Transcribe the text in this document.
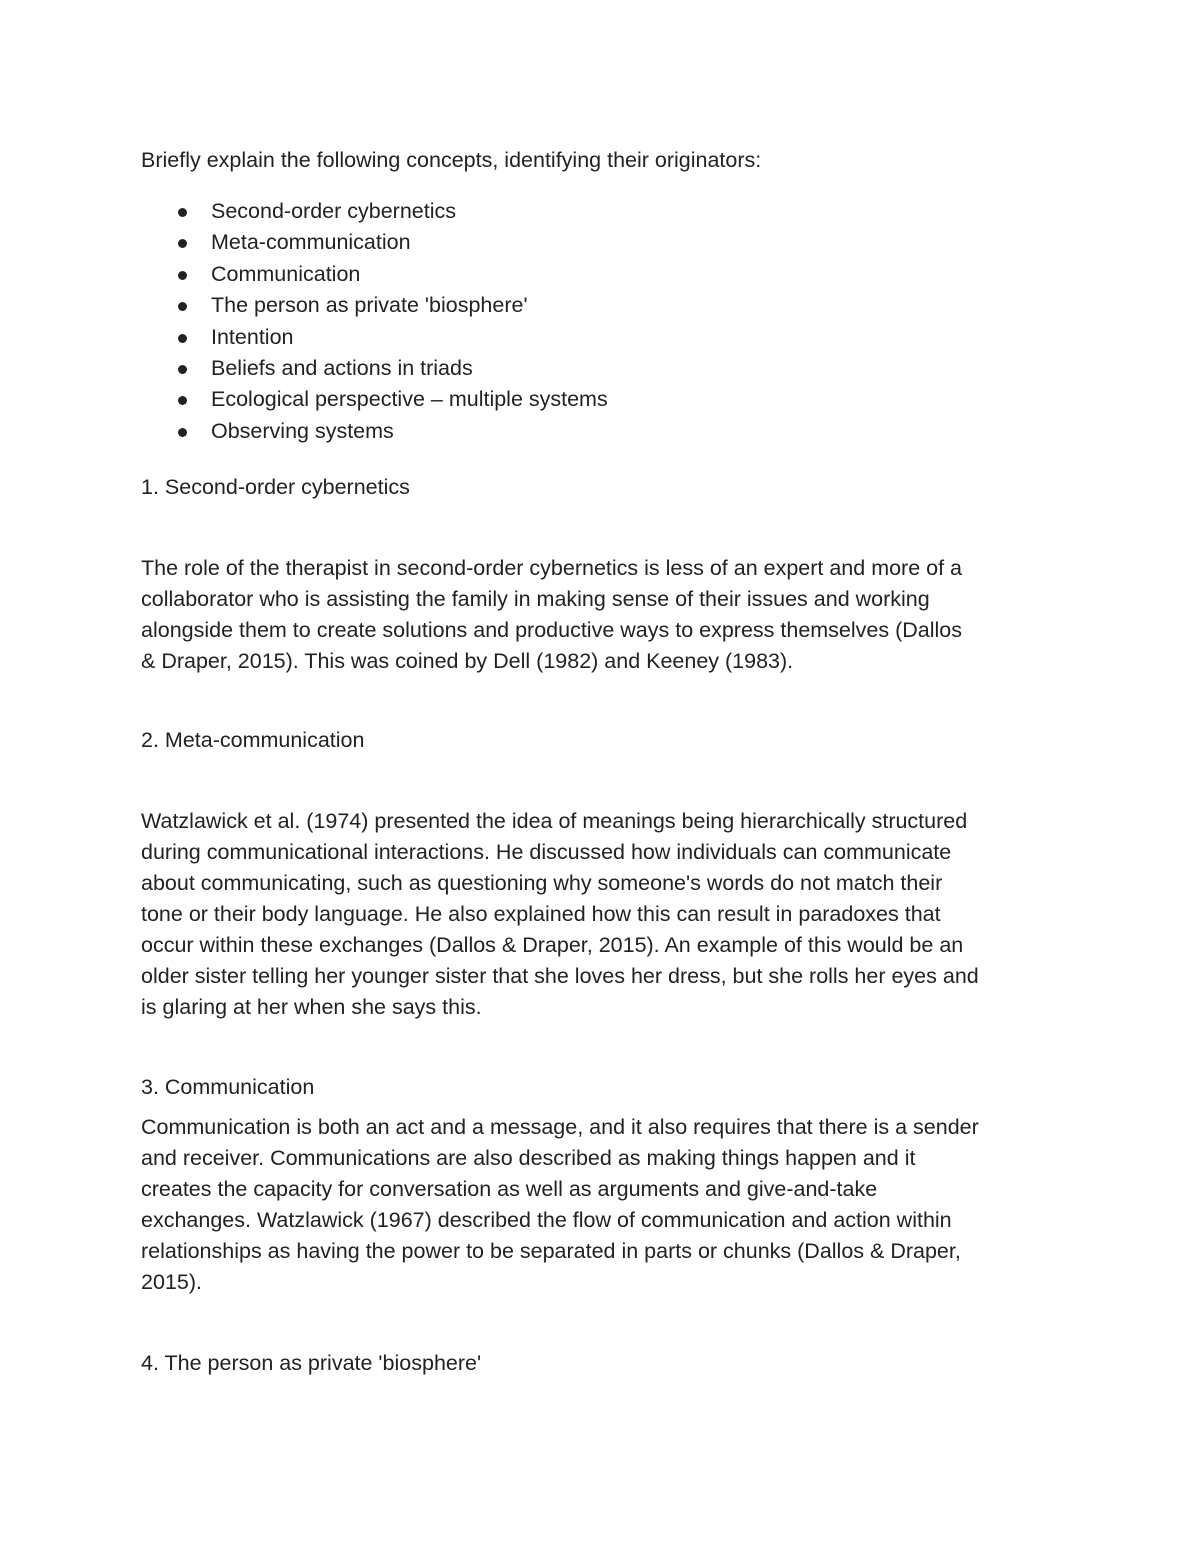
Briefly explain the following concepts, identifying their originators:

Second-order cybernetics
Meta-communication
Communication
The person as private 'biosphere'
Intention
Beliefs and actions in triads
Ecological perspective – multiple systems
Observing systems

1. Second-order cybernetics

The role of the therapist in second-order cybernetics is less of an expert and more of a

collaborator who is assisting the family in making sense of their issues and working

alongside them to create solutions and productive ways to express themselves (Dallos

& Draper, 2015). This was coined by Dell (1982) and Keeney (1983).

2. Meta-communication

Watzlawick et al. (1974) presented the idea of meanings being hierarchically structured

during communicational interactions. He discussed how individuals can communicate

about communicating, such as questioning why someone's words do not match their

tone or their body language. He also explained how this can result in paradoxes that

occur within these exchanges (Dallos & Draper, 2015). An example of this would be an

older sister telling her younger sister that she loves her dress, but she rolls her eyes and

is glaring at her when she says this.

3. Communication

Communication is both an act and a message, and it also requires that there is a sender

and receiver. Communications are also described as making things happen and it

creates the capacity for conversation as well as arguments and give-and-take

exchanges. Watzlawick (1967) described the flow of communication and action within

relationships as having the power to be separated in parts or chunks (Dallos & Draper,

2015).

4. The person as private 'biosphere'
